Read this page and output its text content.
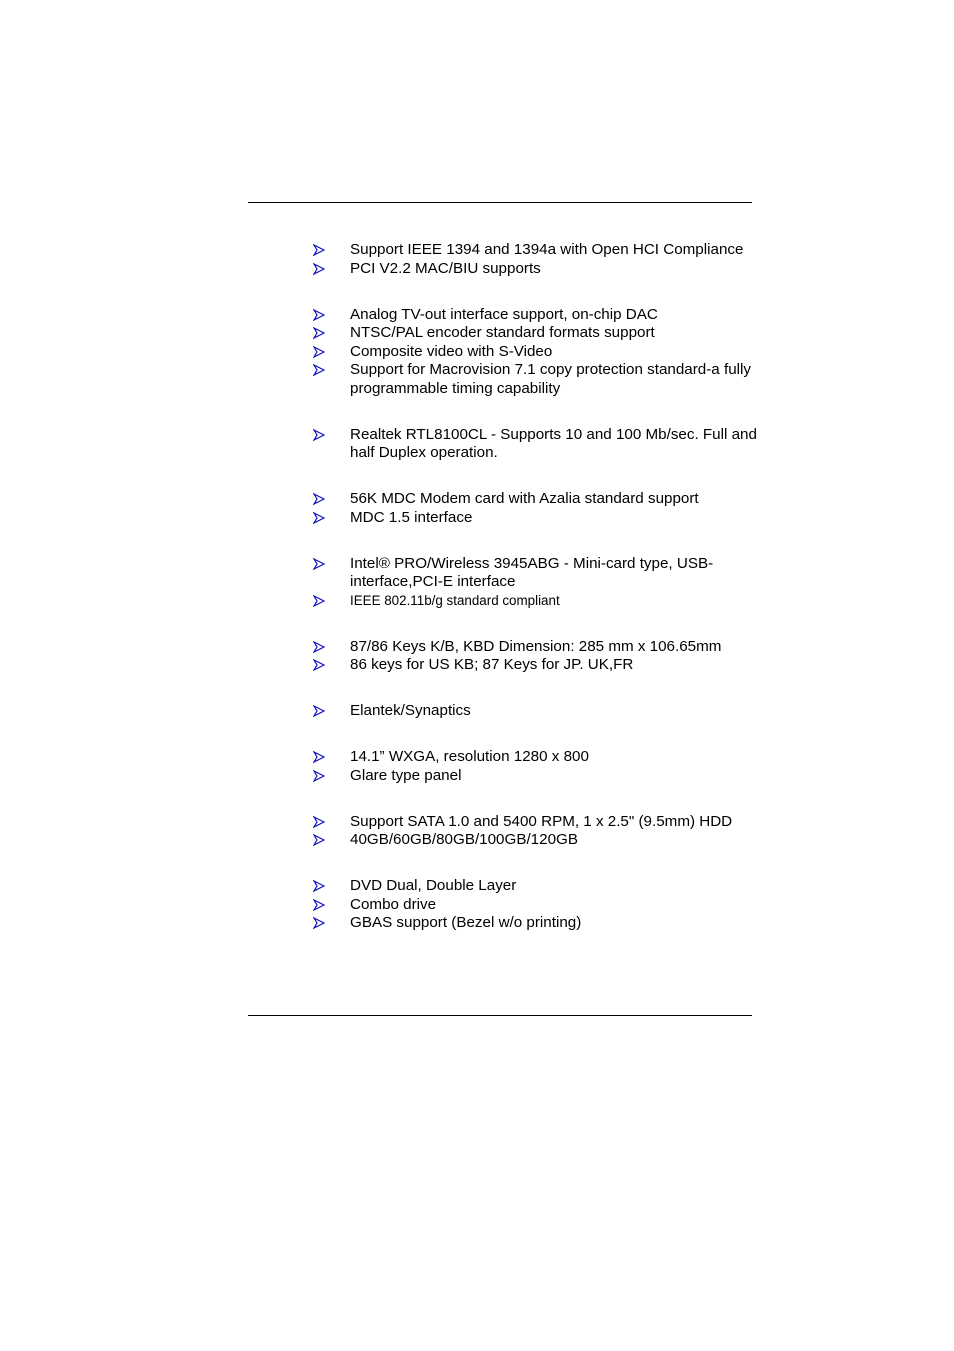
Support IEEE 1394 and 1394a with Open HCI Compliance
PCI V2.2 MAC/BIU supports
Analog TV-out interface support, on-chip DAC
NTSC/PAL encoder standard formats support
Composite video with S-Video
Support for Macrovision 7.1 copy protection standard-a fully programmable timing capability
Realtek RTL8100CL - Supports 10 and 100 Mb/sec. Full and half Duplex operation.
56K MDC Modem card with Azalia standard support
MDC 1.5 interface
Intel® PRO/Wireless 3945ABG - Mini-card type, USB-interface,PCI-E interface
IEEE 802.11b/g standard compliant
87/86 Keys K/B, KBD Dimension: 285 mm x 106.65mm
86 keys for US KB; 87 Keys for JP. UK,FR
Elantek/Synaptics
14.1” WXGA, resolution 1280 x 800
Glare type panel
Support SATA 1.0 and 5400 RPM, 1 x 2.5" (9.5mm) HDD
40GB/60GB/80GB/100GB/120GB
DVD Dual, Double Layer
Combo drive
GBAS support (Bezel w/o printing)
